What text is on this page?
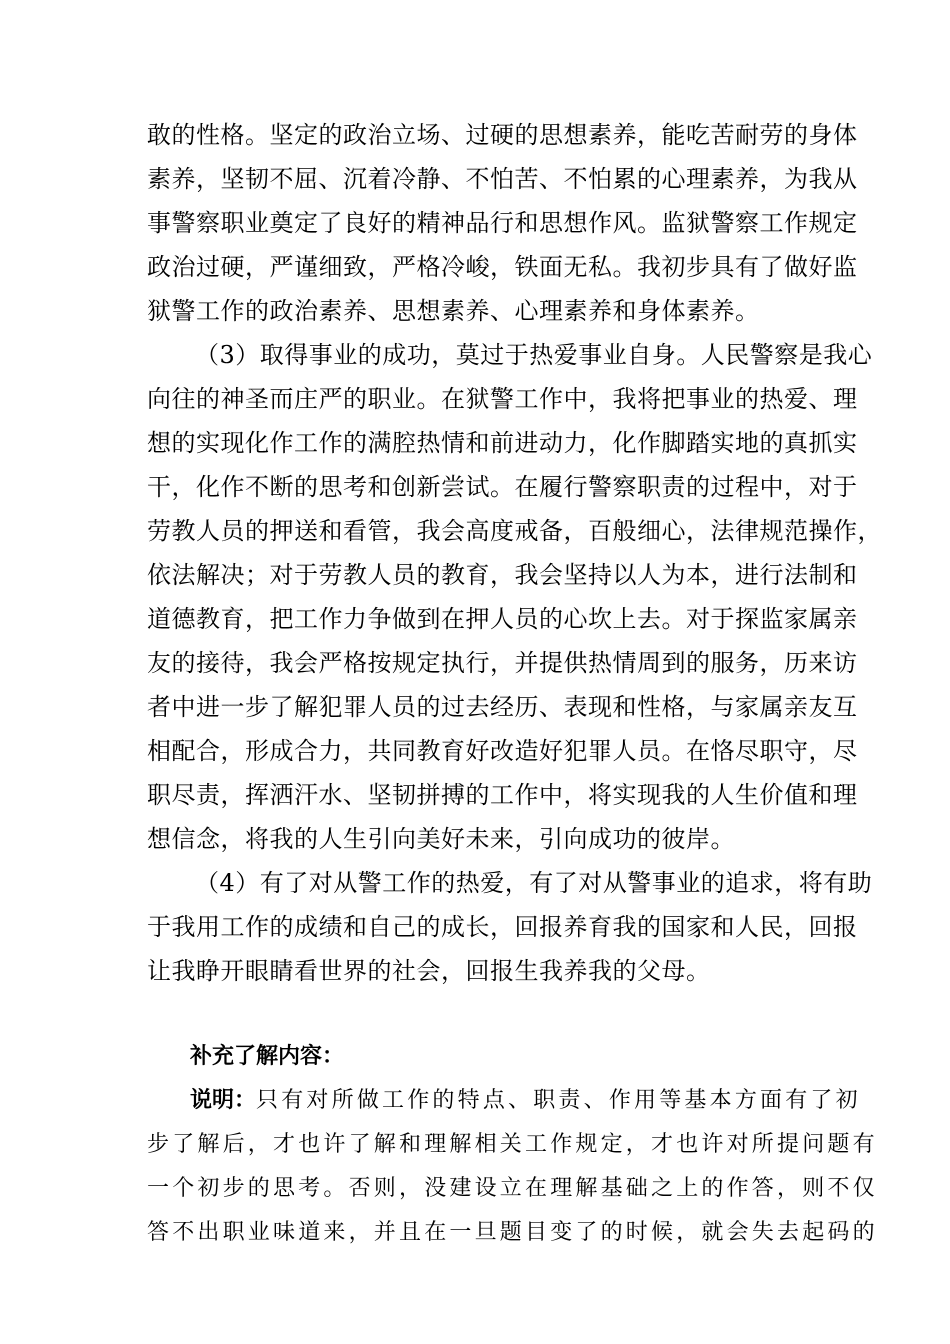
敢的性格。坚定的政治立场、过硬的思想素养，能吃苦耐劳的身体
素养，坚韧不屈、沉着冷静、不怕苦、不怕累的心理素养，为我从
事警察职业奠定了良好的精神品行和思想作风。监狱警察工作规定
政治过硬，严谨细致，严格冷峻，铁面无私。我初步具有了做好监
狱警工作的政治素养、思想素养、心理素养和身体素养。
（3）取得事业的成功，莫过于热爱事业自身。人民警察是我心
向往的神圣而庄严的职业。在狱警工作中，我将把事业的热爱、理
想的实现化作工作的满腔热情和前进动力，化作脚踏实地的真抓实
干，化作不断的思考和创新尝试。在履行警察职责的过程中，对于
劳教人员的押送和看管，我会高度戒备，百般细心，法律规范操作，
依法解决；对于劳教人员的教育，我会坚持以人为本，进行法制和
道德教育，把工作力争做到在押人员的心坎上去。对于探监家属亲
友的接待，我会严格按规定执行，并提供热情周到的服务，历来访
者中进一步了解犯罪人员的过去经历、表现和性格，与家属亲友互
相配合，形成合力，共同教育好改造好犯罪人员。在恪尽职守，尽
职尽责，挥洒汗水、坚韧拼搏的工作中，将实现我的人生价值和理
想信念，将我的人生引向美好未来，引向成功的彼岸。
（4）有了对从警工作的热爱，有了对从警事业的追求，将有助
于我用工作的成绩和自己的成长，回报养育我的国家和人民，回报
让我睁开眼睛看世界的社会，回报生我养我的父母。
补充了解内容：
说明：只有对所做工作的特点、职责、作用等基本方面有了初
步了解后，才也许了解和理解相关工作规定，才也许对所提问题有
一个初步的思考。否则，没建设立在理解基础之上的作答，则不仅
答不出职业味道来，并且在一旦题目变了的时候，就会失去起码的
